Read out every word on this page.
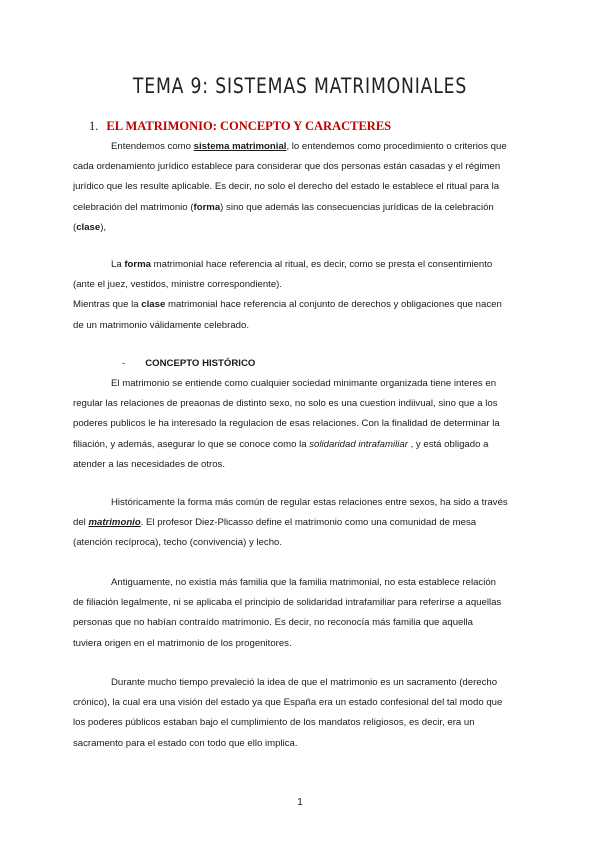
TEMA 9: SISTEMAS MATRIMONIALES
1. EL MATRIMONIO: CONCEPTO Y CARACTERES
Entendemos como sistema matrimonial, lo entendemos como procedimiento o criterios que
cada ordenamiento jurídico establece para considerar que dos personas están casadas y el régimen
jurídico que les resulte aplicable. Es decir, no solo el derecho del estado le establece el ritual para la
celebración del matrimonio (forma) sino que además las consecuencias jurídicas de la celebración
(clase),
La forma matrimonial hace referencia al ritual, es decir, como se presta el consentimiento
(ante el juez, vestidos, ministre correspondiente).
Mientras que la clase matrimonial hace referencia al conjunto de derechos y obligaciones que nacen
de un matrimonio válidamente celebrado.
- CONCEPTO HISTÓRICO
El matrimonio se entiende como cualquier sociedad minimante organizada tiene interes en
regular las relaciones de preaonas de distinto sexo, no solo es una cuestion indiivual, sino que a los
poderes publicos le ha interesado la regulacion de esas relaciones. Con la finalidad de determinar la
filiación, y además, asegurar lo que se conoce como la solidaridad intrafamiliar , y está obligado a
atender a las necesidades de otros.
Históricamente la forma más común de regular estas relaciones entre sexos, ha sido a través
del matrimonio. El profesor Diez-Plicasso define el matrimonio como una comunidad de mesa
(atención recíproca), techo (convivencia) y lecho.
Antiguamente, no existía más familia que la familia matrimonial, no esta establece relación
de filiación legalmente, ni se aplicaba el principio de solidaridad intrafamiliar para referirse a aquellas
personas que no habían contraído matrimonio. Es decir, no reconocía más familia que aquella
tuviera origen en el matrimonio de los progenitores.
Durante mucho tiempo prevaleció la idea de que el matrimonio es un sacramento (derecho
crónico), la cual era una visión del estado ya que España era un estado confesional del tal modo que
los poderes públicos estaban bajo el cumplimiento de los mandatos religiosos, es decir, era un
sacramento para el estado con todo que ello implica.
1
